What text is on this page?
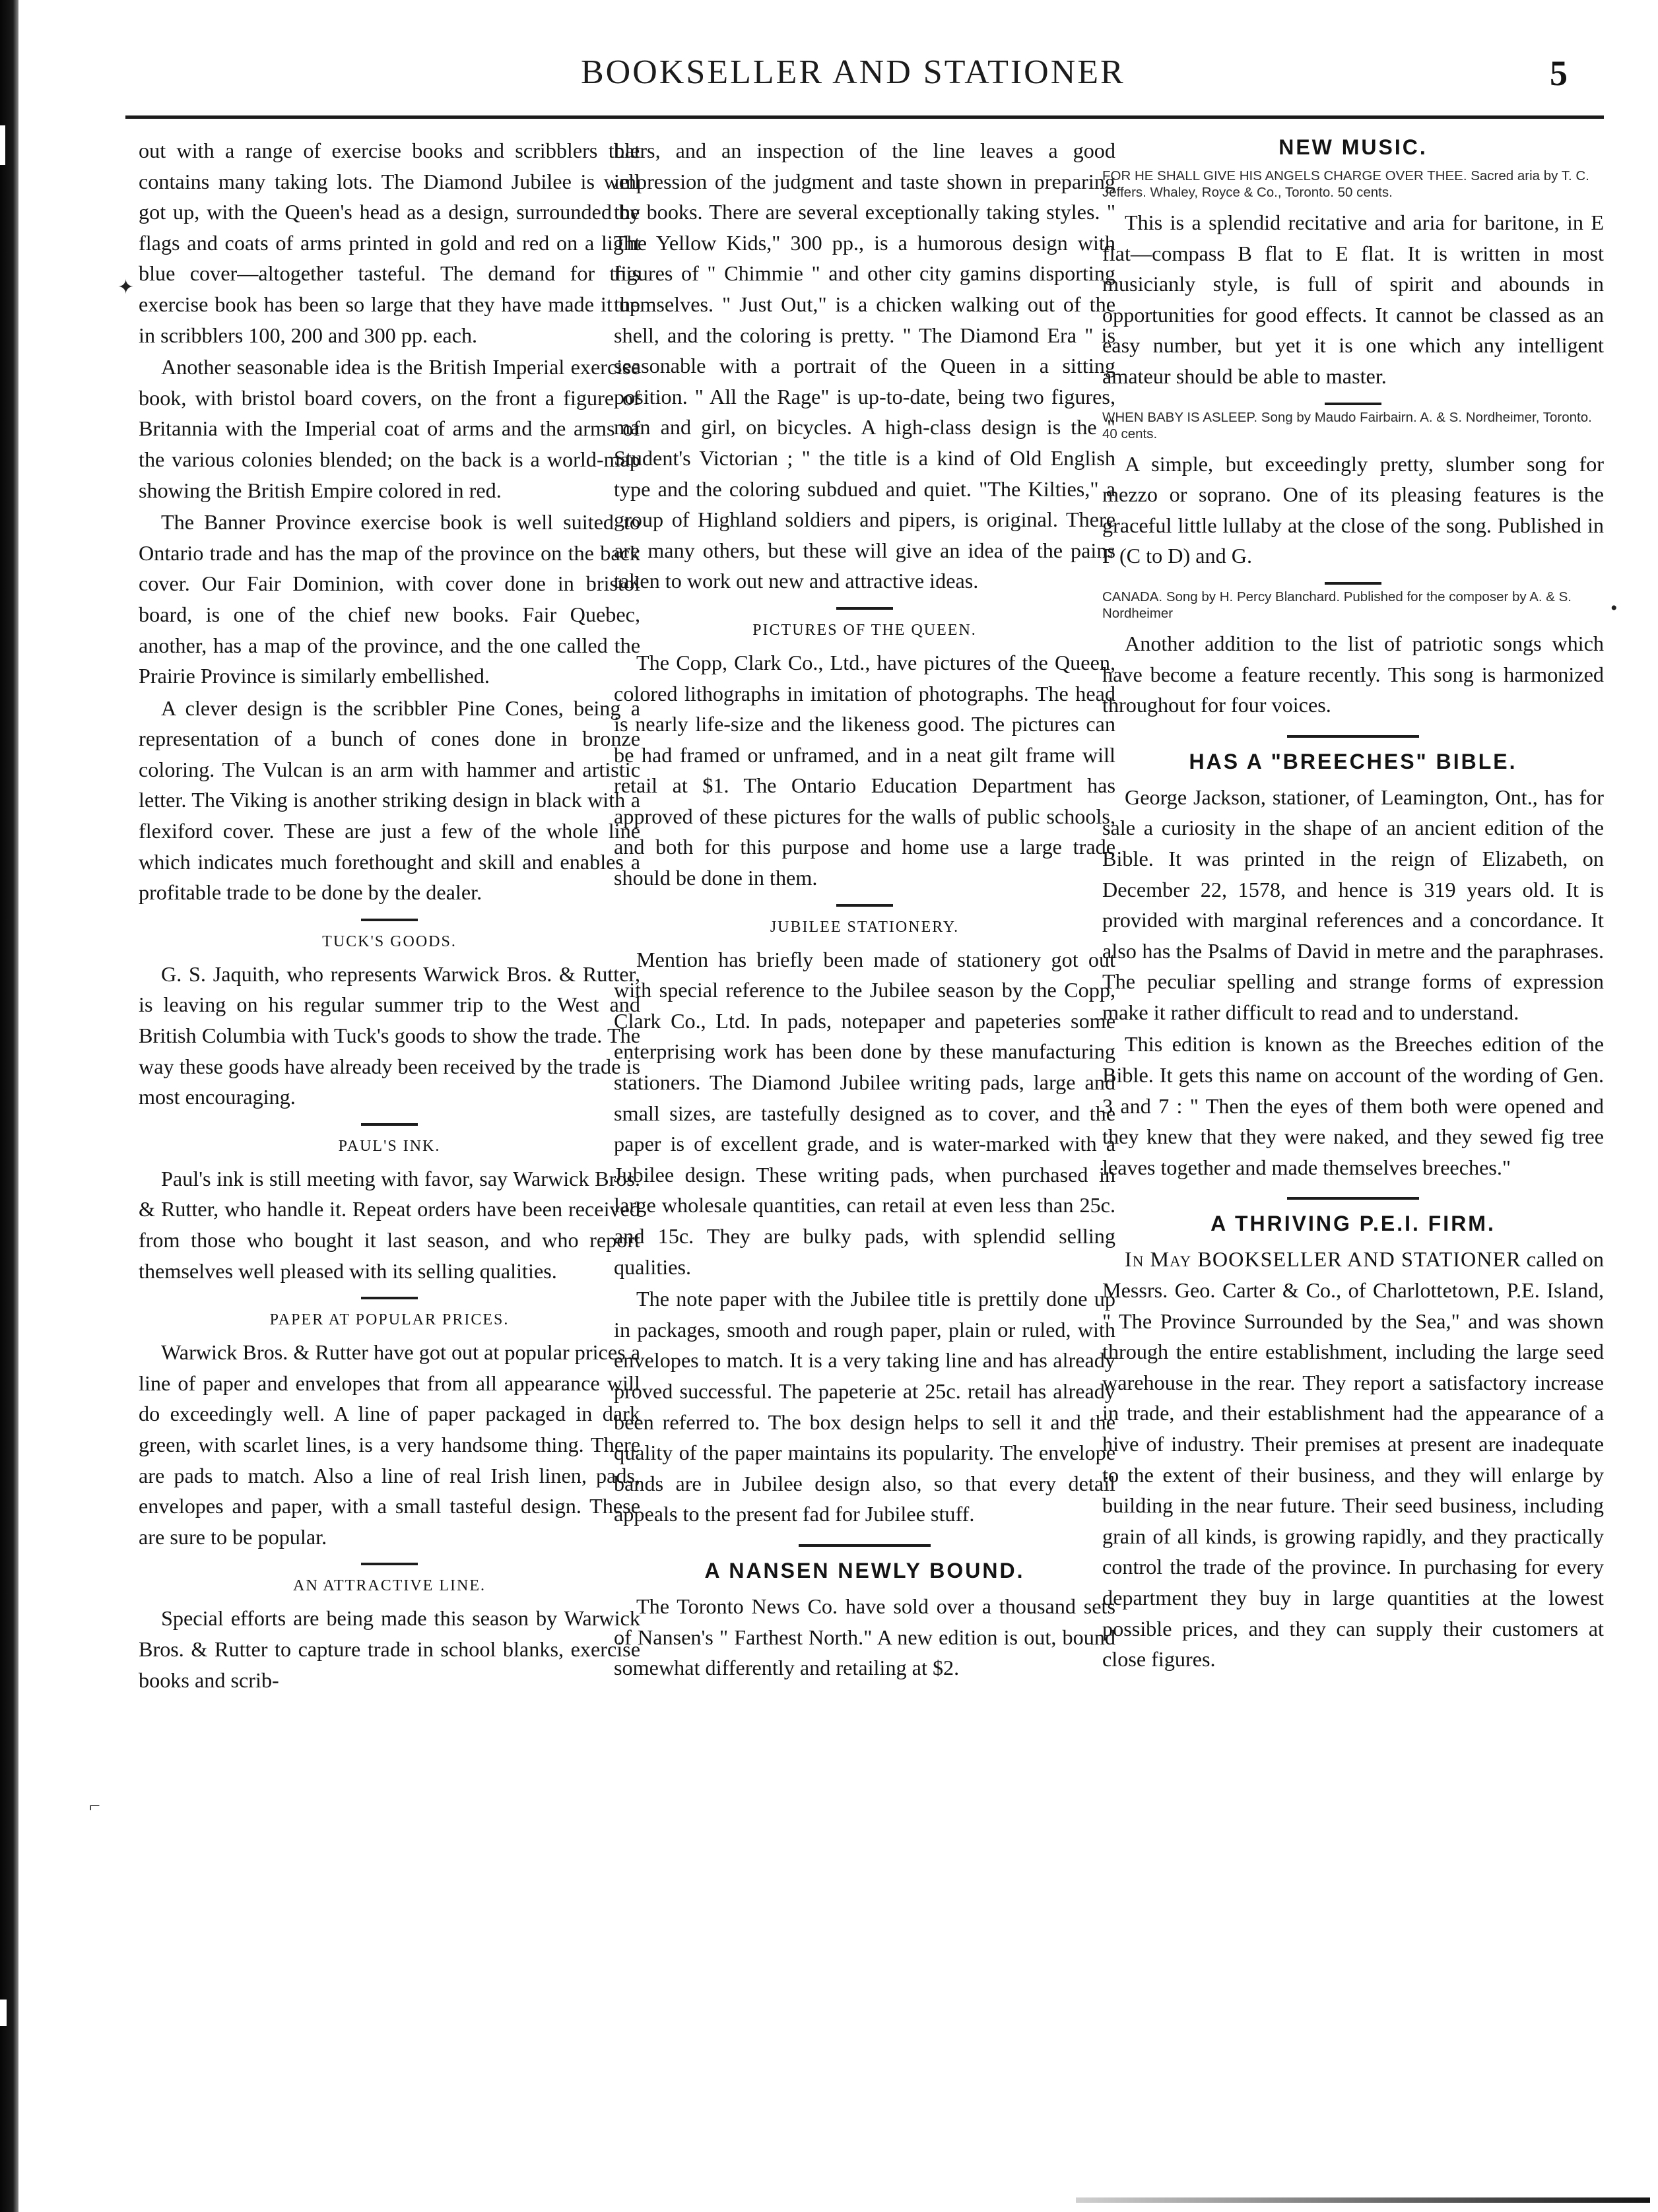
BOOKSELLER AND STATIONER	5

out with a range of exercise books and scribblers that contains many taking lots. The Diamond Jubilee is well got up, with the Queen's head as a design, surrounded by flags and coats of arms printed in gold and red on a light blue cover—altogether tasteful. The demand for this exercise book has been so large that they have made it up in scribblers 100, 200 and 300 pp. each.

Another seasonable idea is the British Imperial exercise book, with bristol board covers, on the front a figure of Britannia with the Imperial coat of arms and the arms of the various colonies blended; on the back is a world-map showing the British Empire colored in red.

The Banner Province exercise book is well suited to Ontario trade and has the map of the province on the back cover. Our Fair Dominion, with cover done in bristol board, is one of the chief new books. Fair Quebec, another, has a map of the province, and the one called the Prairie Province is similarly embellished.

A clever design is the scribbler Pine Cones, being a representation of a bunch of cones done in bronze coloring. The Vulcan is an arm with hammer and artistic letter. The Viking is another striking design in black with a flexiford cover. These are just a few of the whole line which indicates much forethought and skill and enables a profitable trade to be done by the dealer.

TUCK'S GOODS.

G. S. Jaquith, who represents Warwick Bros. & Rutter, is leaving on his regular summer trip to the West and British Columbia with Tuck's goods to show the trade. The way these goods have already been received by the trade is most encouraging.

PAUL'S INK.

Paul's ink is still meeting with favor, say Warwick Bros. & Rutter, who handle it. Repeat orders have been received from those who bought it last season, and who report themselves well pleased with its selling qualities.

PAPER AT POPULAR PRICES.

Warwick Bros. & Rutter have got out at popular prices a line of paper and envelopes that from all appearance will do exceedingly well. A line of paper packaged in dark green, with scarlet lines, is a very handsome thing. There are pads to match. Also a line of real Irish linen, pads, envelopes and paper, with a small tasteful design. These are sure to be popular.

AN ATTRACTIVE LINE.

Special efforts are being made this season by Warwick Bros. & Rutter to capture trade in school blanks, exercise books and scrib-

blers, and an inspection of the line leaves a good impression of the judgment and taste shown in preparing the books. There are several exceptionally taking styles. " The Yellow Kids," 300 pp., is a humorous design with figures of " Chimmie " and other city gamins disporting themselves. " Just Out," is a chicken walking out of the shell, and the coloring is pretty. " The Diamond Era " is seasonable with a portrait of the Queen in a sitting position. " All the Rage" is up-to-date, being two figures, man and girl, on bicycles. A high-class design is the " Student's Victorian ; " the title is a kind of Old English type and the coloring subdued and quiet. "The Kilties," a group of Highland soldiers and pipers, is original. There are many others, but these will give an idea of the pains taken to work out new and attractive ideas.

PICTURES OF THE QUEEN.

The Copp, Clark Co., Ltd., have pictures of the Queen, colored lithographs in imitation of photographs. The head is nearly life-size and the likeness good. The pictures can be had framed or unframed, and in a neat gilt frame will retail at $1. The Ontario Education Department has approved of these pictures for the walls of public schools, and both for this purpose and home use a large trade should be done in them.

JUBILEE STATIONERY.

Mention has briefly been made of stationery got out with special reference to the Jubilee season by the Copp, Clark Co., Ltd. In pads, notepaper and papeteries some enterprising work has been done by these manufacturing stationers. The Diamond Jubilee writing pads, large and small sizes, are tastefully designed as to cover, and the paper is of excellent grade, and is water-marked with a Jubilee design. These writing pads, when purchased in large wholesale quantities, can retail at even less than 25c. and 15c. They are bulky pads, with splendid selling qualities.

The note paper with the Jubilee title is prettily done up in packages, smooth and rough paper, plain or ruled, with envelopes to match. It is a very taking line and has already proved successful. The papeterie at 25c. retail has already been referred to. The box design helps to sell it and the quality of the paper maintains its popularity. The envelope bands are in Jubilee design also, so that every detail appeals to the present fad for Jubilee stuff.

A NANSEN NEWLY BOUND.

The Toronto News Co. have sold over a thousand sets of Nansen's " Farthest North." A new edition is out, bound somewhat differently and retailing at $2.

NEW MUSIC.
FOR HE SHALL GIVE HIS ANGELS CHARGE OVER THEE. Sacred aria by T. C. Jeffers. Whaley, Royce & Co., Toronto. 50 cents.

This is a splendid recitative and aria for baritone, in E flat—compass B flat to E flat. It is written in most musicianly style, is full of spirit and abounds in opportunities for good effects. It cannot be classed as an easy number, but yet it is one which any intelligent amateur should be able to master.

WHEN BABY IS ASLEEP. Song by Maudo Fairbairn. A. & S. Nordheimer, Toronto. 40 cents.

A simple, but exceedingly pretty, slumber song for mezzo or soprano. One of its pleasing features is the graceful little lullaby at the close of the song. Published in F (C to D) and G.

CANADA. Song by H. Percy Blanchard. Published for the composer by A. & S. Nordheimer

Another addition to the list of patriotic songs which have become a feature recently. This song is harmonized throughout for four voices.

HAS A "BREECHES" BIBLE.

George Jackson, stationer, of Leamington, Ont., has for sale a curiosity in the shape of an ancient edition of the Bible. It was printed in the reign of Elizabeth, on December 22, 1578, and hence is 319 years old. It is provided with marginal references and a concordance. It also has the Psalms of David in metre and the paraphrases. The peculiar spelling and strange forms of expression make it rather difficult to read and to understand.

This edition is known as the Breeches edition of the Bible. It gets this name on account of the wording of Gen. 3 and 7 : " Then the eyes of them both were opened and they knew that they were naked, and they sewed fig tree leaves together and made themselves breeches."

A THRIVING P.E.I. FIRM.

In May BOOKSELLER AND STATIONER called on Messrs. Geo. Carter & Co., of Charlottetown, P.E. Island, " The Province Surrounded by the Sea," and was shown through the entire establishment, including the large seed warehouse in the rear. They report a satisfactory increase in trade, and their establishment had the appearance of a hive of industry. Their premises at present are inadequate to the extent of their business, and they will enlarge by building in the near future. Their seed business, including grain of all kinds, is growing rapidly, and they practically control the trade of the province. In purchasing for every department they buy in large quantities at the lowest possible prices, and they can supply their customers at close figures.

✦
•
⌐
